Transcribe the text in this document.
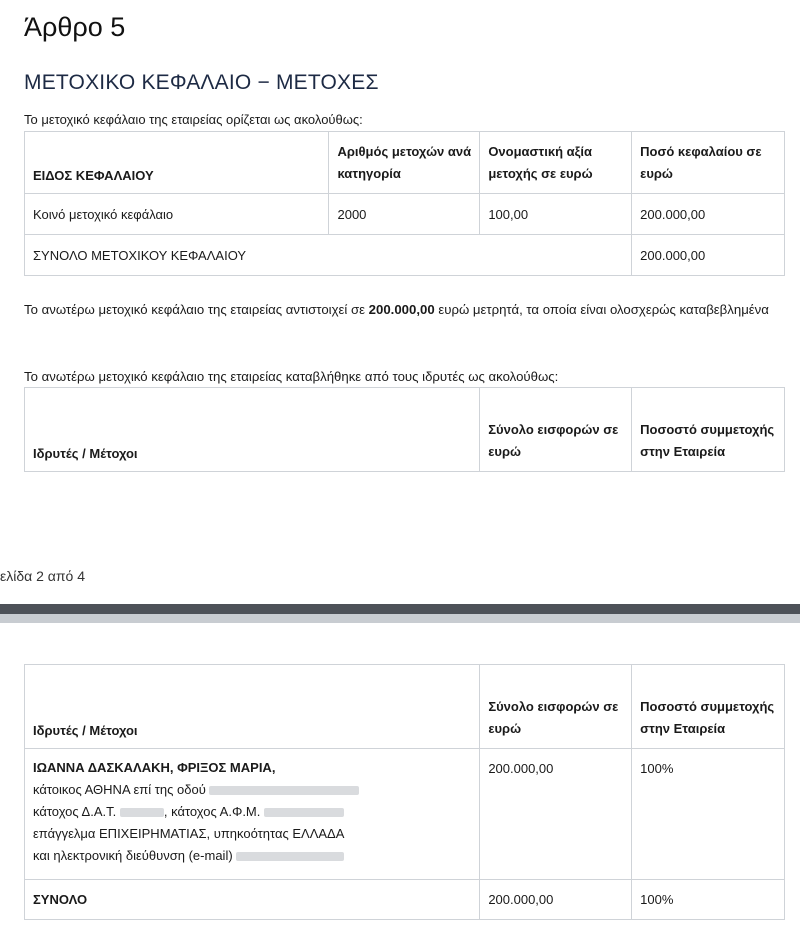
Άρθρο 5
ΜΕΤΟΧΙΚΟ ΚΕΦΑΛΑΙΟ − ΜΕΤΟΧΕΣ
Το μετοχικό κεφάλαιο της εταιρείας ορίζεται ως ακολούθως:
ΕΙΔΟΣ ΚΕΦΑΛΑΙΟΥ	Αριθμός μετοχών ανά κατηγορία	Ονομαστική αξία μετοχής σε ευρώ	Ποσό κεφαλαίου σε ευρώ
Κοινό μετοχικό κεφάλαιο	2000	100,00	200.000,00
ΣΥΝΟΛΟ ΜΕΤΟΧΙΚΟΥ ΚΕΦΑΛΑΙΟΥ			200.000,00
Το ανωτέρω μετοχικό κεφάλαιο της εταιρείας αντιστοιχεί σε 200.000,00 ευρώ μετρητά, τα οποία είναι ολοσχερώς καταβεβλημένα
Το ανωτέρω μετοχικό κεφάλαιο της εταιρείας καταβλήθηκε από τους ιδρυτές ως ακολούθως:
Ιδρυτές / Μέτοχοι	Σύνολο εισφορών σε ευρώ	Ποσοστό συμμετοχής στην Εταιρεία
ελίδα 2 από 4
Ιδρυτές / Μέτοχοι	Σύνολο εισφορών σε ευρώ	Ποσοστό συμμετοχής στην Εταιρεία

ΙΩΑΝΝΑ ΔΑΣΚΑΛΑΚΗ, ΦΡΙΞΟΣ ΜΑΡΙΑ,
κάτοικος ΑΘΗΝΑ επί της οδού
κάτοχος Δ.Α.Τ. , κάτοχος Α.Φ.Μ.
επάγγελμα ΕΠΙΧΕΙΡΗΜΑΤΙΑΣ, υπηκοότητας ΕΛΛΑΔΑ
και ηλεκτρονική διεύθυνση (e-mail)	200.000,00	100%
ΣΥΝΟΛΟ	200.000,00	100%
